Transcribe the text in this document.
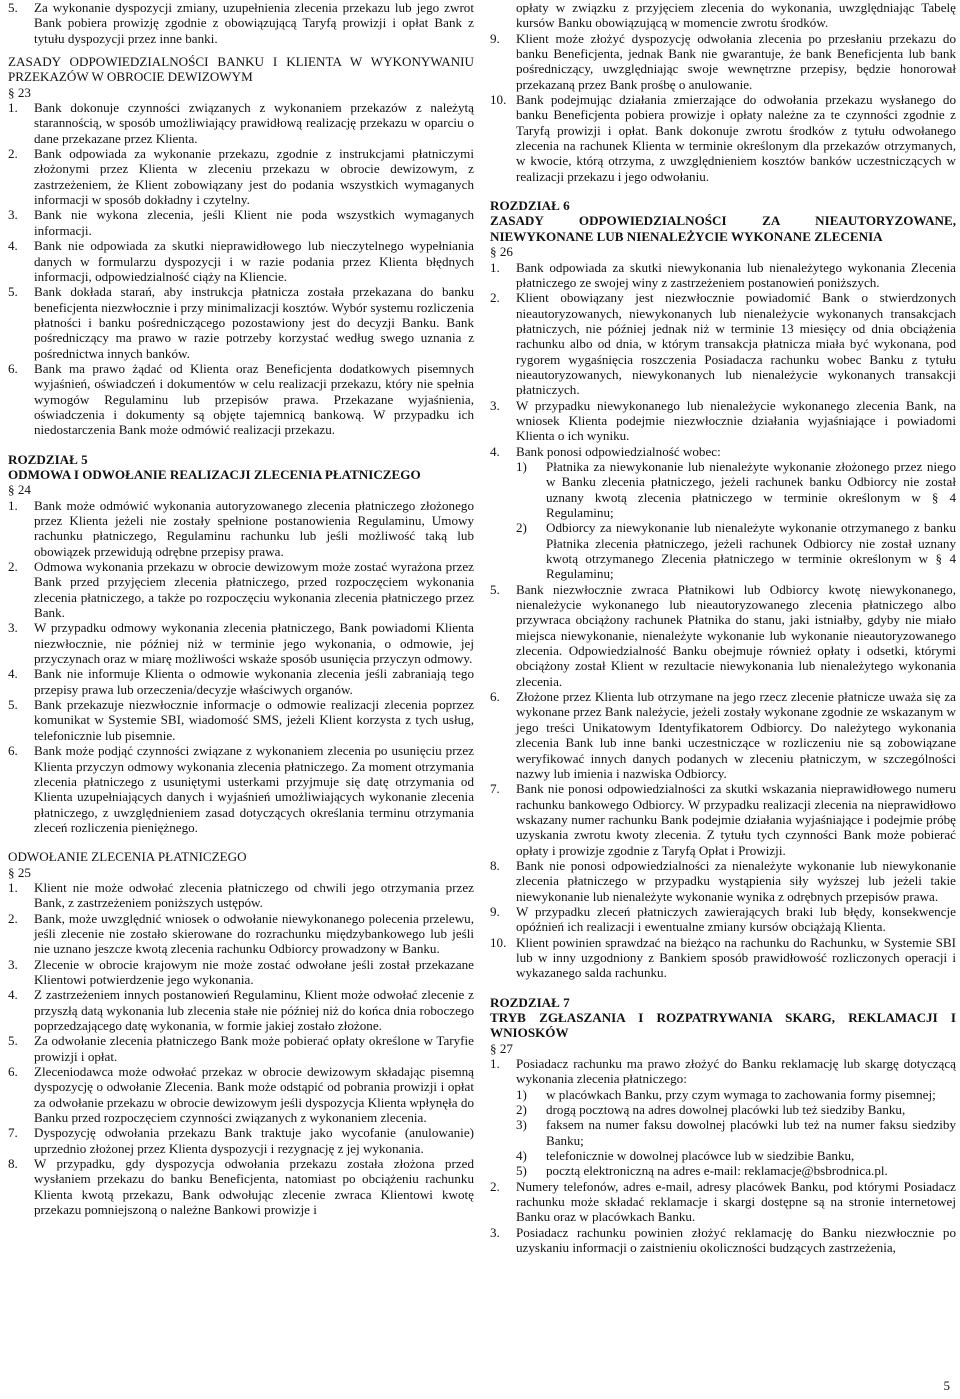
5.	Za wykonanie dyspozycji zmiany, uzupełnienia zlecenia przekazu lub jego zwrot Bank pobiera prowizję zgodnie z obowiązującą Taryfą prowizji i opłat Bank z tytułu dyspozycji przez inne banki.

ZASADY ODPOWIEDZIALNOŚCI BANKU I KLIENTA W WYKONYWANIU PRZEKAZÓW W OBROCIE DEWIZOWYM

§ 23

1.	Bank dokonuje czynności związanych z wykonaniem przekazów z należytą starannością, w sposób umożliwiający prawidłową realizację przekazu w oparciu o dane przekazane przez Klienta.
2.	Bank odpowiada za wykonanie przekazu, zgodnie z instrukcjami płatniczymi złożonymi przez Klienta w zleceniu przekazu w obrocie dewizowym, z zastrzeżeniem, że Klient zobowiązany jest do podania wszystkich wymaganych informacji w sposób dokładny i czytelny.
3.	Bank nie wykona zlecenia, jeśli Klient nie poda wszystkich wymaganych informacji.
4.	Bank nie odpowiada za skutki nieprawidłowego lub nieczytelnego wypełniania danych w formularzu dyspozycji i w razie podania przez Klienta błędnych informacji, odpowiedzialność ciąży na Kliencie.
5.	Bank dokłada starań, aby instrukcja płatnicza została przekazana do banku beneficjenta niezwłocznie i przy minimalizacji kosztów. Wybór systemu rozliczenia płatności i banku pośredniczącego pozostawiony jest do decyzji Banku. Bank pośredniczący ma prawo w razie potrzeby korzystać według swego uznania z pośrednictwa innych banków.
6.	Bank ma prawo żądać od Klienta oraz Beneficjenta dodatkowych pisemnych wyjaśnień, oświadczeń i dokumentów w celu realizacji przekazu, który nie spełnia wymogów Regulaminu lub przepisów prawa. Przekazane wyjaśnienia, oświadczenia i dokumenty są objęte tajemnicą bankową. W przypadku ich niedostarczenia Bank może odmówić realizacji przekazu.

ROZDZIAŁ 5

ODMOWA I ODWOŁANIE REALIZACJI ZLECENIA PŁATNICZEGO

§ 24

1.	Bank może odmówić wykonania autoryzowanego zlecenia płatniczego złożonego przez Klienta jeżeli nie zostały spełnione postanowienia Regulaminu, Umowy rachunku płatniczego, Regulaminu rachunku lub jeśli możliwość taką lub obowiązek przewidują odrębne przepisy prawa.
2.	Odmowa wykonania przekazu w obrocie dewizowym może zostać wyrażona przez Bank przed przyjęciem zlecenia płatniczego, przed rozpoczęciem wykonania zlecenia płatniczego, a także po rozpoczęciu wykonania zlecenia płatniczego przez Bank.
3.	W przypadku odmowy wykonania zlecenia płatniczego, Bank powiadomi Klienta niezwłocznie, nie później niż w terminie jego wykonania, o odmowie, jej przyczynach oraz w miarę możliwości wskaże sposób usunięcia przyczyn odmowy.
4.	Bank nie informuje Klienta o odmowie wykonania zlecenia jeśli zabraniają tego przepisy prawa lub orzeczenia/decyzje właściwych organów.
5.	Bank przekazuje niezwłocznie informacje o odmowie realizacji zlecenia poprzez komunikat w Systemie SBI, wiadomość SMS, jeżeli Klient korzysta z tych usług, telefonicznie lub pisemnie.
6.	Bank może podjąć czynności związane z wykonaniem zlecenia po usunięciu przez Klienta przyczyn odmowy wykonania zlecenia płatniczego. Za moment otrzymania zlecenia płatniczego z usuniętymi usterkami przyjmuje się datę otrzymania od Klienta uzupełniających danych i wyjaśnień umożliwiających wykonanie zlecenia płatniczego, z uwzględnieniem zasad dotyczących określania terminu otrzymania zleceń rozliczenia pieniężnego.

ODWOŁANIE ZLECENIA PŁATNICZEGO

§ 25

1.	Klient nie może odwołać zlecenia płatniczego od chwili jego otrzymania przez Bank, z zastrzeżeniem poniższych ustępów.
2.	Bank, może uwzględnić wniosek o odwołanie niewykonanego polecenia przelewu, jeśli zlecenie nie zostało skierowane do rozrachunku międzybankowego lub jeśli nie uznano jeszcze kwotą zlecenia rachunku Odbiorcy prowadzony w Banku.
3.	Zlecenie w obrocie krajowym nie może zostać odwołane jeśli został przekazane Klientowi potwierdzenie jego wykonania.
4.	Z zastrzeżeniem innych postanowień Regulaminu, Klient może odwołać zlecenie z przyszłą datą wykonania lub zlecenia stałe nie później niż do końca dnia roboczego poprzedzającego datę wykonania, w formie jakiej zostało złożone.
5.	Za odwołanie zlecenia płatniczego Bank może pobierać opłaty określone w Taryfie prowizji i opłat.
6.	Zleceniodawca może odwołać przekaz w obrocie dewizowym składając pisemną dyspozycję o odwołanie Zlecenia. Bank może odstąpić od pobrania prowizji i opłat za odwołanie przekazu w obrocie dewizowym jeśli dyspozycja Klienta wpłynęła do Banku przed rozpoczęciem czynności związanych z wykonaniem zlecenia.
7.	Dyspozycję odwołania przekazu Bank traktuje jako wycofanie (anulowanie) uprzednio złożonej przez Klienta dyspozycji i rezygnację z jej wykonania.
8.	W przypadku, gdy dyspozycja odwołania przekazu została złożona przed wysłaniem przekazu do banku Beneficjenta, natomiast po obciążeniu rachunku Klienta kwotą przekazu, Bank odwołując zlecenie zwraca Klientowi kwotę przekazu pomniejszoną o należne Bankowi prowizje i

opłaty w związku z przyjęciem zlecenia do wykonania, uwzględniając Tabelę kursów Banku obowiązującą w momencie zwrotu środków.

9.	Klient może złożyć dyspozycję odwołania zlecenia po przesłaniu przekazu do banku Beneficjenta, jednak Bank nie gwarantuje, że bank Beneficjenta lub bank pośredniczący, uwzględniając swoje wewnętrzne przepisy, będzie honorował przekazaną przez Bank prośbę o anulowanie.
10. Bank podejmując działania zmierzające do odwołania przekazu wysłanego do banku Beneficjenta pobiera prowizje i opłaty należne za te czynności zgodnie z Taryfą prowizji i opłat. Bank dokonuje zwrotu środków z tytułu odwołanego zlecenia na rachunek Klienta w terminie określonym dla przekazów otrzymanych, w kwocie, którą otrzyma, z uwzględnieniem kosztów banków uczestniczących w realizacji przekazu i jego odwołaniu.

ROZDZIAŁ 6

ZASADY ODPOWIEDZIALNOŚCI ZA NIEAUTORYZOWANE, NIEWYKONANE LUB NIENALEŻYCIE WYKONANE ZLECENIA

§ 26

1.	Bank odpowiada za skutki niewykonania lub nienależytego wykonania Zlecenia płatniczego ze swojej winy z zastrzeżeniem postanowień poniższych.
2.	Klient obowiązany jest niezwłocznie powiadomić Bank o stwierdzonych nieautoryzowanych, niewykonanych lub nienależycie wykonanych transakcjach płatniczych, nie później jednak niż w terminie 13 miesięcy od dnia obciążenia rachunku albo od dnia, w którym transakcja płatnicza miała być wykonana, pod rygorem wygaśnięcia roszczenia Posiadacza rachunku wobec Banku z tytułu nieautoryzowanych, niewykonanych lub nienależycie wykonanych transakcji płatniczych.
3.	W przypadku niewykonanego lub nienależycie wykonanego zlecenia Bank, na wniosek Klienta podejmie niezwłocznie działania wyjaśniające i powiadomi Klienta o ich wyniku.
4.	Bank ponosi odpowiedzialność wobec:
1)	Płatnika za niewykonanie lub nienależyte wykonanie złożonego przez niego w Banku zlecenia płatniczego, jeżeli rachunek banku Odbiorcy nie został uznany kwotą zlecenia płatniczego w terminie określonym w § 4 Regulaminu;
2)	Odbiorcy za niewykonanie lub nienależyte wykonanie otrzymanego z banku Płatnika zlecenia płatniczego, jeżeli rachunek Odbiorcy nie został uznany kwotą otrzymanego Zlecenia płatniczego w terminie określonym w § 4 Regulaminu;
5.	Bank niezwłocznie zwraca Płatnikowi lub Odbiorcy kwotę niewykonanego, nienależycie wykonanego lub nieautoryzowanego zlecenia płatniczego albo przywraca obciążony rachunek Płatnika do stanu, jaki istniałby, gdyby nie miało miejsca niewykonanie, nienależyte wykonanie lub wykonanie nieautoryzowanego zlecenia. Odpowiedzialność Banku obejmuje również opłaty i odsetki, którymi obciążony został Klient w rezultacie niewykonania lub nienależytego wykonania zlecenia.
6.	Złożone przez Klienta lub otrzymane na jego rzecz zlecenie płatnicze uważa się za wykonane przez Bank należycie, jeżeli zostały wykonane zgodnie ze wskazanym w jego treści Unikatowym Identyfikatorem Odbiorcy. Do należytego wykonania zlecenia Bank lub inne banki uczestniczące w rozliczeniu nie są zobowiązane weryfikować innych danych podanych w zleceniu płatniczym, w szczególności nazwy lub imienia i nazwiska Odbiorcy.
7.	Bank nie ponosi odpowiedzialności za skutki wskazania nieprawidłowego numeru rachunku bankowego Odbiorcy. W przypadku realizacji zlecenia na nieprawidłowo wskazany numer rachunku Bank podejmie działania wyjaśniające i podejmie próbę uzyskania zwrotu kwoty zlecenia. Z tytułu tych czynności Bank może pobierać opłaty i prowizje zgodnie z Taryfą Opłat i Prowizji.
8.	Bank nie ponosi odpowiedzialności za nienależyte wykonanie lub niewykonanie zlecenia płatniczego w przypadku wystąpienia siły wyższej lub jeżeli takie niewykonanie lub nienależyte wykonanie wynika z odrębnych przepisów prawa.
9.	W przypadku zleceń płatniczych zawierających braki lub błędy, konsekwencje opóźnień ich realizacji i ewentualne zmiany kursów obciążają Klienta.
10. Klient powinien sprawdzać na bieżąco na rachunku do Rachunku, w Systemie SBI lub w inny uzgodniony z Bankiem sposób prawidłowość rozliczonych operacji i wykazanego salda rachunku.

ROZDZIAŁ 7

TRYB ZGŁASZANIA I ROZPATRYWANIA SKARG, REKLAMACJI I WNIOSKÓW

§ 27

1.	Posiadacz rachunku ma prawo złożyć do Banku reklamację lub skargę dotyczącą wykonania zlecenia płatniczego:
1)	w placówkach Banku, przy czym wymaga to zachowania formy pisemnej;
2)	drogą pocztową na adres dowolnej placówki lub też siedziby Banku,
3)	faksem na numer faksu dowolnej placówki lub też na numer faksu siedziby Banku;
4)	telefonicznie w dowolnej placówce lub w siedzibie Banku,
5)	pocztą elektroniczną na adres e-mail: reklamacje@bsbrodnica.pl.
2.	Numery telefonów, adres e-mail, adresy placówek Banku, pod którymi Posiadacz rachunku może składać reklamacje i skargi dostępne są na stronie internetowej Banku oraz w placówkach Banku.
3.	Posiadacz rachunku powinien złożyć reklamację do Banku niezwłocznie po uzyskaniu informacji o zaistnieniu okoliczności budzących zastrzeżenia,
5
